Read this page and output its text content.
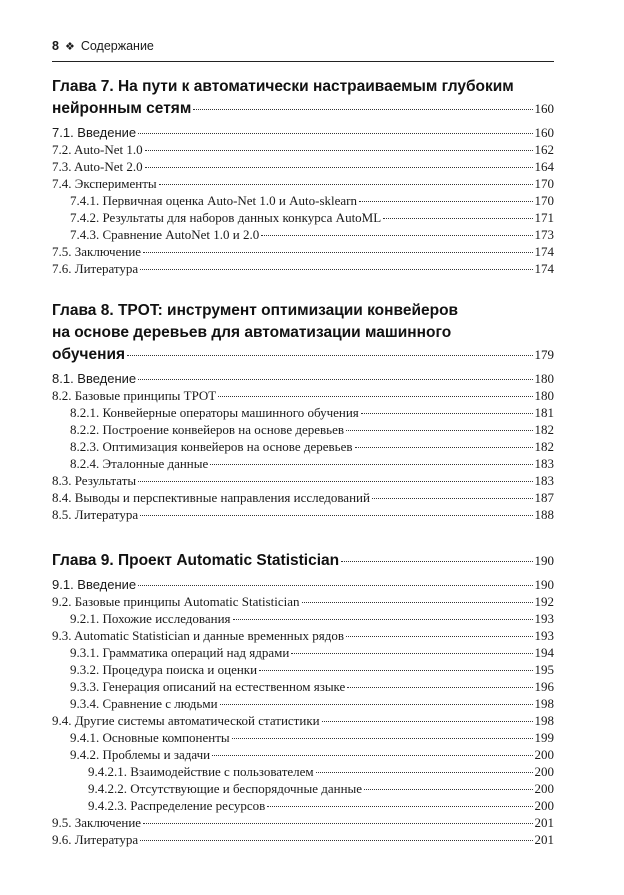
8 ❖ Содержание
Глава 7. На пути к автоматически настраиваемым глубоким
нейронным сетям	160
7.1. Введение	160
7.2. Auto-Net 1.0	162
7.3. Auto-Net 2.0	164
7.4. Эксперименты	170
7.4.1. Первичная оценка Auto-Net 1.0 и Auto-sklearn	170
7.4.2. Результаты для наборов данных конкурса AutoML	171
7.4.3. Сравнение AutoNet 1.0 и 2.0	173
7.5. Заключение	174
7.6. Литература	174
Глава 8. TPOT: инструмент оптимизации конвейеров
на основе деревьев для автоматизации машинного
обучения	179
8.1. Введение	180
8.2. Базовые принципы TPOT	180
8.2.1. Конвейерные операторы машинного обучения	181
8.2.2. Построение конвейеров на основе деревьев	182
8.2.3. Оптимизация конвейеров на основе деревьев	182
8.2.4. Эталонные данные	183
8.3. Результаты	183
8.4. Выводы и перспективные направления исследований	187
8.5. Литература	188
Глава 9. Проект Automatic Statistician	190
9.1. Введение	190
9.2. Базовые принципы Automatic Statistician	192
9.2.1. Похожие исследования	193
9.3. Automatic Statistician и данные временных рядов	193
9.3.1. Грамматика операций над ядрами	194
9.3.2. Процедура поиска и оценки	195
9.3.3. Генерация описаний на естественном языке	196
9.3.4. Сравнение с людьми	198
9.4. Другие системы автоматической статистики	198
9.4.1. Основные компоненты	199
9.4.2. Проблемы и задачи	200
9.4.2.1. Взаимодействие с пользователем	200
9.4.2.2. Отсутствующие и беспорядочные данные	200
9.4.2.3. Распределение ресурсов	200
9.5. Заключение	201
9.6. Литература	201
